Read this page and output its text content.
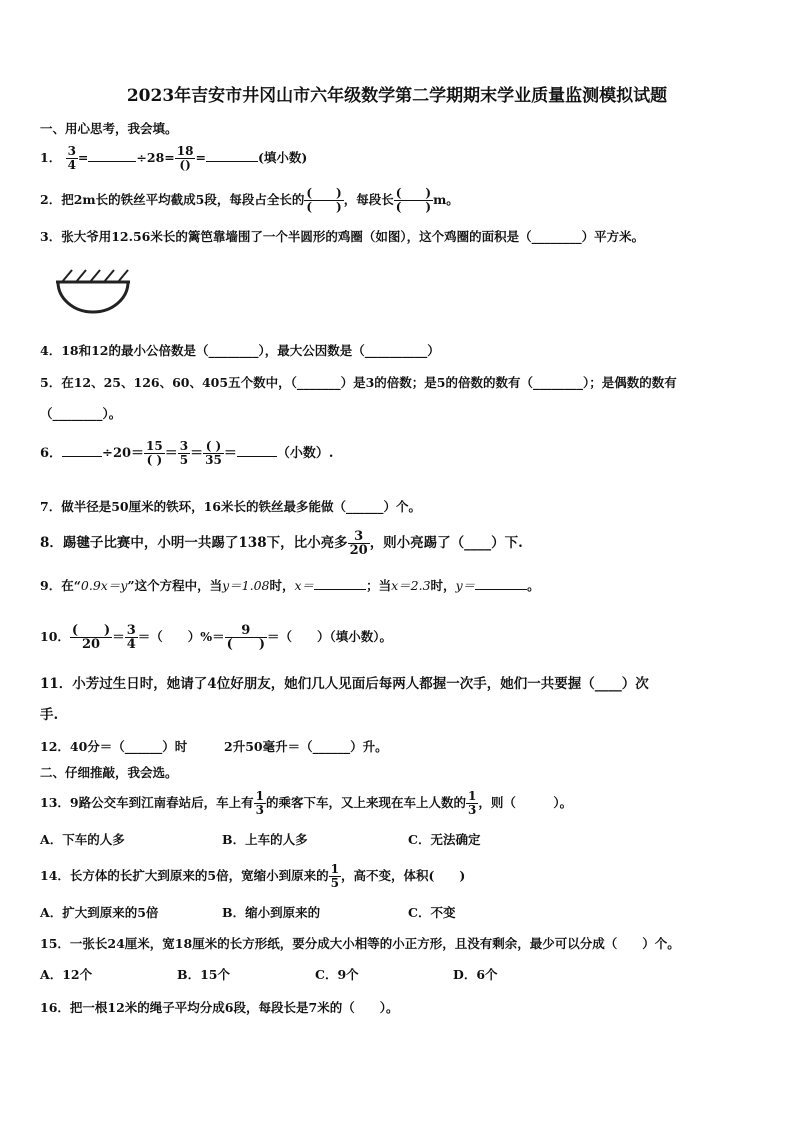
2023年吉安市井冈山市六年级数学第二学期期末学业质量监测模拟试题
一、用心思考，我会填。
1． $\frac{3}{4}$ =	$\div 28= \frac{18}{()}$ =	(填小数)
2．把2m长的铁丝平均截成5段，每段占全长的 $\frac{( )}{( )}$ ，每段长 $\frac{( )}{( )}$ m。
3．张大爷用12.56米长的篱笆靠墙围了一个半圆形的鸡圈（如图），这个鸡圈的面积是（________）平方米。
4．18和12的最小公倍数是（________），最大公因数是（__________）
5．在12、25、126、60、405五个数中，（_______）是3的倍数；是5的倍数的数有（________）；是偶数的数有
（________）。
6．	$\div 20= \frac{15}{( )} = \frac{3}{5} = \frac{( )}{35}$ ＝	（小数）.
7．做半径是50厘米的铁环，16米长的铁丝最多能做（______）个。
8．踢毽子比赛中，小明一共踢了138下，比小亮多 $\frac{3}{20}$ ，则小亮踢了（____）下.
9．在“0.9x＝y”这个方程中，当y＝1.08时，x＝	；当x＝2.3时，y＝	。
10． $\frac{( )}{20} = \frac{3}{4}$ ＝（　　）%＝ $\frac{9}{( )}$ ＝（　　）（填小数）。
11．小芳过生日时，她请了4位好朋友，她们几人见面后每两人都握一次手，她们一共要握（____）次
手.
12．40分＝（______）时	2升50毫升＝（______）升。
二、仔细推敲，我会选。
13．9路公交车到江南春站后，车上有 $\frac{1}{3}$ 的乘客下车，又上来现在车上人数的 $\frac{1}{3}$ ，则（　　　）。
A．下车的人多	B．上车的人多	C．无法确定
14．长方体的长扩大到原来的5倍，宽缩小到原来的 $\frac{1}{5}$ ，高不变，体积(　　)
A．扩大到原来的5倍	B．缩小到原来的	C．不变
15．一张长24厘米，宽18厘米的长方形纸，要分成大小相等的小正方形，且没有剩余，最少可以分成（　　）个。
A．12个	B．15个	C．9个	D．6个
16．把一根12米的绳子平均分成6段，每段长是7米的（　　）。
